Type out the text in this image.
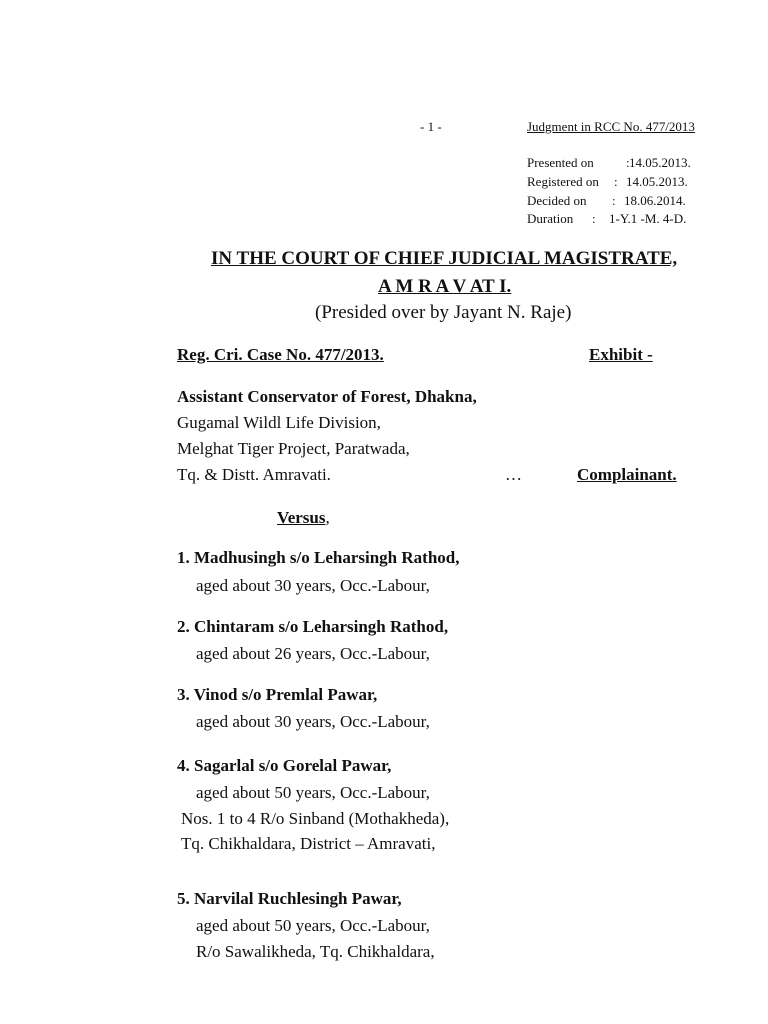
- 1 -	Judgment in RCC No. 477/2013
Presented on : 14.05.2013.
Registered on : 14.05.2013.
Decided on : 18.06.2014.
Duration : 1-Y.1 -M. 4-D.
IN THE COURT OF CHIEF JUDICIAL MAGISTRATE,
A M R A V AT I.
(Presided over by Jayant N. Raje)
Reg. Cri. Case No. 477/2013.	Exhibit -
Assistant Conservator of Forest, Dhakna,
Gugamal Wildl Life Division,
Melghat Tiger Project, Paratwada,
Tq. & Distt. Amravati.	…	Complainant.
Versus,
1. Madhusingh s/o Leharsingh Rathod,
aged about 30 years, Occ.-Labour,
2. Chintaram s/o Leharsingh Rathod,
aged about 26 years, Occ.-Labour,
3. Vinod s/o Premlal Pawar,
aged about 30 years, Occ.-Labour,
4. Sagarlal s/o Gorelal Pawar,
aged about 50 years, Occ.-Labour,
Nos. 1 to 4 R/o Sinband (Mothakheda),
Tq. Chikhaldara, District – Amravati,
5. Narvilal Ruchlesingh Pawar,
aged about 50 years, Occ.-Labour,
R/o Sawalikheda, Tq. Chikhaldara,
